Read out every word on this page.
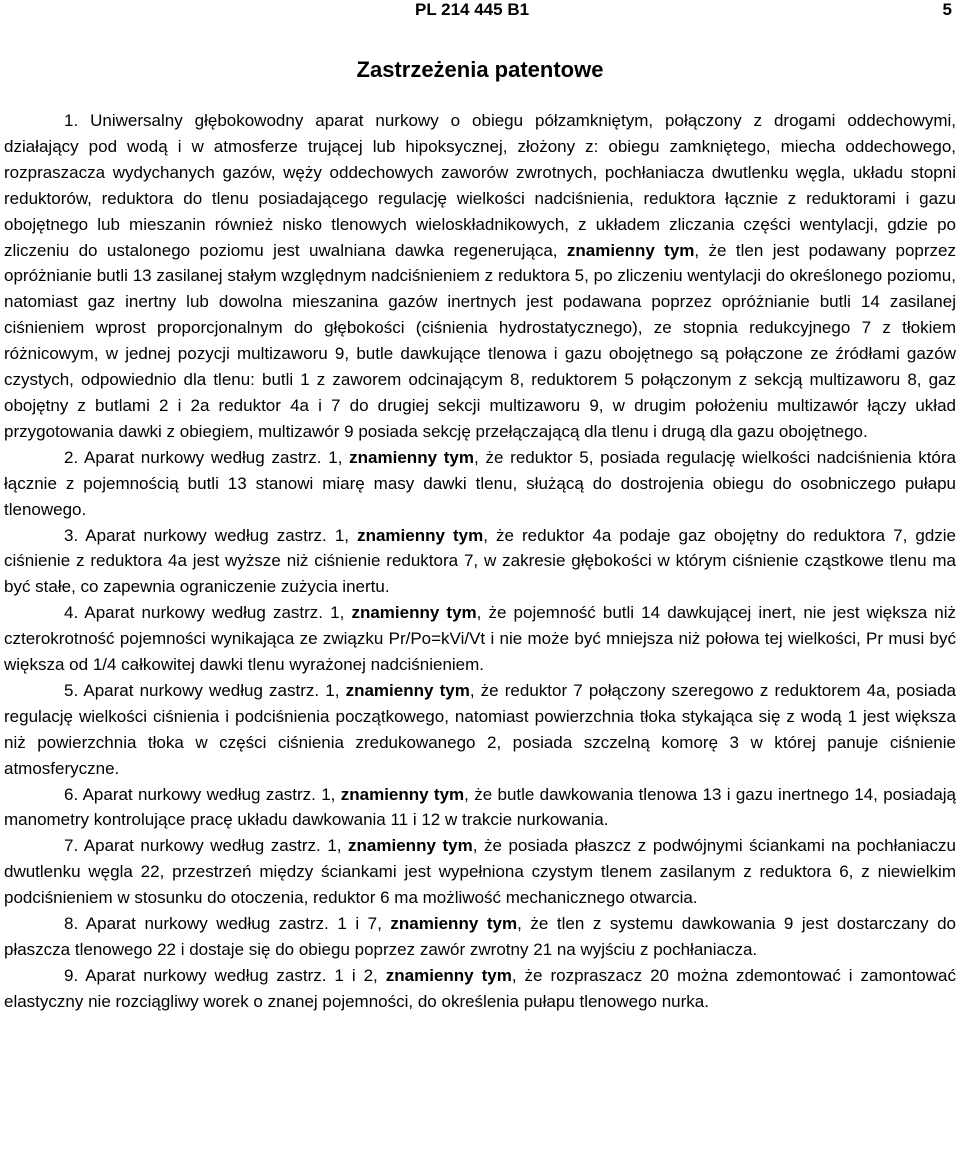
PL 214 445 B1	5
Zastrzeżenia patentowe

1. Uniwersalny głębokowodny aparat nurkowy o obiegu półzamkniętym, połączony z drogami oddechowymi, działający pod wodą i w atmosferze trującej lub hipoksycznej, złożony z: obiegu zamkniętego, miecha oddechowego, rozpraszacza wydychanych gazów, węży oddechowych zaworów zwrotnych, pochłaniacza dwutlenku węgla, układu stopni reduktorów, reduktora do tlenu posiadającego regulację wielkości nadciśnienia, reduktora łącznie z reduktorami i gazu obojętnego lub mieszanin również nisko tlenowych wieloskładnikowych, z układem zliczania części wentylacji, gdzie po zliczeniu do ustalonego poziomu jest uwalniana dawka regenerująca, znamienny tym, że tlen jest podawany poprzez opróżnianie butli 13 zasilanej stałym względnym nadciśnieniem z reduktora 5, po zliczeniu wentylacji do określonego poziomu, natomiast gaz inertny lub dowolna mieszanina gazów inertnych jest podawana poprzez opróżnianie butli 14 zasilanej ciśnieniem wprost proporcjonalnym do głębokości (ciśnienia hydrostatycznego), ze stopnia redukcyjnego 7 z tłokiem różnicowym, w jednej pozycji multizaworu 9, butle dawkujące tlenowa i gazu obojętnego są połączone ze źródłami gazów czystych, odpowiednio dla tlenu: butli 1 z zaworem odcinającym 8, reduktorem 5 połączonym z sekcją multizaworu 8, gaz obojętny z butlami 2 i 2a reduktor 4a i 7 do drugiej sekcji multizaworu 9, w drugim położeniu multizawór łączy układ przygotowania dawki z obiegiem, multizawór 9 posiada sekcję przełączającą dla tlenu i drugą dla gazu obojętnego.

2. Aparat nurkowy według zastrz. 1, znamienny tym, że reduktor 5, posiada regulację wielkości nadciśnienia która łącznie z pojemnością butli 13 stanowi miarę masy dawki tlenu, służącą do dostrojenia obiegu do osobniczego pułapu tlenowego.

3. Aparat nurkowy według zastrz. 1, znamienny tym, że reduktor 4a podaje gaz obojętny do reduktora 7, gdzie ciśnienie z reduktora 4a jest wyższe niż ciśnienie reduktora 7, w zakresie głębokości w którym ciśnienie cząstkowe tlenu ma być stałe, co zapewnia ograniczenie zużycia inertu.

4. Aparat nurkowy według zastrz. 1, znamienny tym, że pojemność butli 14 dawkującej inert, nie jest większa niż czterokrotność pojemności wynikająca ze związku Pr/Po=kVi/Vt i nie może być mniejsza niż połowa tej wielkości, Pr musi być większa od 1/4 całkowitej dawki tlenu wyrażonej nadciśnieniem.

5. Aparat nurkowy według zastrz. 1, znamienny tym, że reduktor 7 połączony szeregowo z reduktorem 4a, posiada regulację wielkości ciśnienia i podciśnienia początkowego, natomiast powierzchnia tłoka stykająca się z wodą 1 jest większa niż powierzchnia tłoka w części ciśnienia zredukowanego 2, posiada szczelną komorę 3 w której panuje ciśnienie atmosferyczne.

6. Aparat nurkowy według zastrz. 1, znamienny tym, że butle dawkowania tlenowa 13 i gazu inertnego 14, posiadają manometry kontrolujące pracę układu dawkowania 11 i 12 w trakcie nurkowania.

7. Aparat nurkowy według zastrz. 1, znamienny tym, że posiada płaszcz z podwójnymi ściankami na pochłaniaczu dwutlenku węgla 22, przestrzeń między ściankami jest wypełniona czystym tlenem zasilanym z reduktora 6, z niewielkim podciśnieniem w stosunku do otoczenia, reduktor 6 ma możliwość mechanicznego otwarcia.

8. Aparat nurkowy według zastrz. 1 i 7, znamienny tym, że tlen z systemu dawkowania 9 jest dostarczany do płaszcza tlenowego 22 i dostaje się do obiegu poprzez zawór zwrotny 21 na wyjściu z pochłaniacza.

9. Aparat nurkowy według zastrz. 1 i 2, znamienny tym, że rozpraszacz 20 można zdemontować i zamontować elastyczny nie rozciągliwy worek o znanej pojemności, do określenia pułapu tlenowego nurka.
